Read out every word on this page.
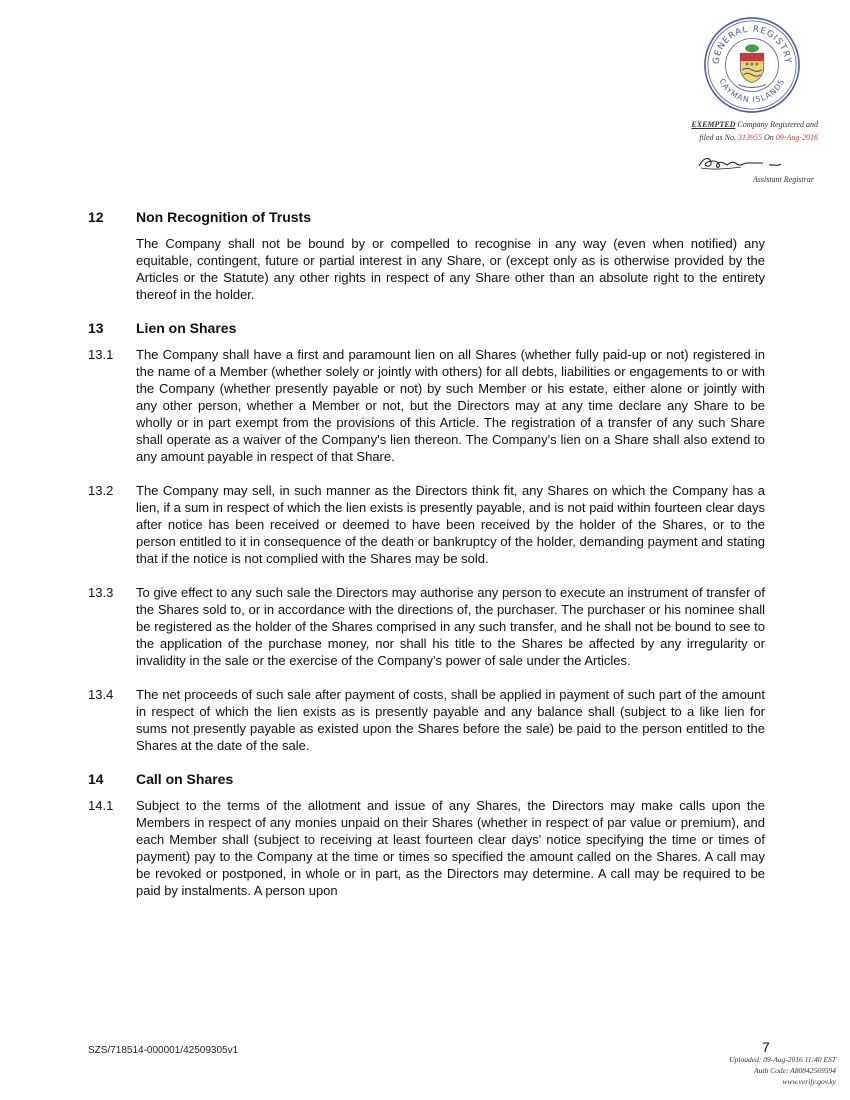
GENERAL REGISTRY
CAYMAN ISLANDS
EXEMPTED Company Registered and
filed as No. 313955 On 09-Aug-2016
Assistant Registrar
12	Non Recognition of Trusts
The Company shall not be bound by or compelled to recognise in any way (even when notified) any equitable, contingent, future or partial interest in any Share, or (except only as is otherwise provided by the Articles or the Statute) any other rights in respect of any Share other than an absolute right to the entirety thereof in the holder.
13	Lien on Shares
13.1	The Company shall have a first and paramount lien on all Shares (whether fully paid-up or not) registered in the name of a Member (whether solely or jointly with others) for all debts, liabilities or engagements to or with the Company (whether presently payable or not) by such Member or his estate, either alone or jointly with any other person, whether a Member or not, but the Directors may at any time declare any Share to be wholly or in part exempt from the provisions of this Article. The registration of a transfer of any such Share shall operate as a waiver of the Company's lien thereon. The Company's lien on a Share shall also extend to any amount payable in respect of that Share.
13.2	The Company may sell, in such manner as the Directors think fit, any Shares on which the Company has a lien, if a sum in respect of which the lien exists is presently payable, and is not paid within fourteen clear days after notice has been received or deemed to have been received by the holder of the Shares, or to the person entitled to it in consequence of the death or bankruptcy of the holder, demanding payment and stating that if the notice is not complied with the Shares may be sold.
13.3	To give effect to any such sale the Directors may authorise any person to execute an instrument of transfer of the Shares sold to, or in accordance with the directions of, the purchaser. The purchaser or his nominee shall be registered as the holder of the Shares comprised in any such transfer, and he shall not be bound to see to the application of the purchase money, nor shall his title to the Shares be affected by any irregularity or invalidity in the sale or the exercise of the Company's power of sale under the Articles.
13.4	The net proceeds of such sale after payment of costs, shall be applied in payment of such part of the amount in respect of which the lien exists as is presently payable and any balance shall (subject to a like lien for sums not presently payable as existed upon the Shares before the sale) be paid to the person entitled to the Shares at the date of the sale.
14	Call on Shares
14.1	Subject to the terms of the allotment and issue of any Shares, the Directors may make calls upon the Members in respect of any monies unpaid on their Shares (whether in respect of par value or premium), and each Member shall (subject to receiving at least fourteen clear days' notice specifying the time or times of payment) pay to the Company at the time or times so specified the amount called on the Shares. A call may be revoked or postponed, in whole or in part, as the Directors may determine. A call may be required to be paid by instalments. A person upon
SZS/718514-000001/42509305v1	7
Uploaded: 09-Aug-2016 11:40 EST
Auth Code: A80842569594
www.verify.gov.ky
